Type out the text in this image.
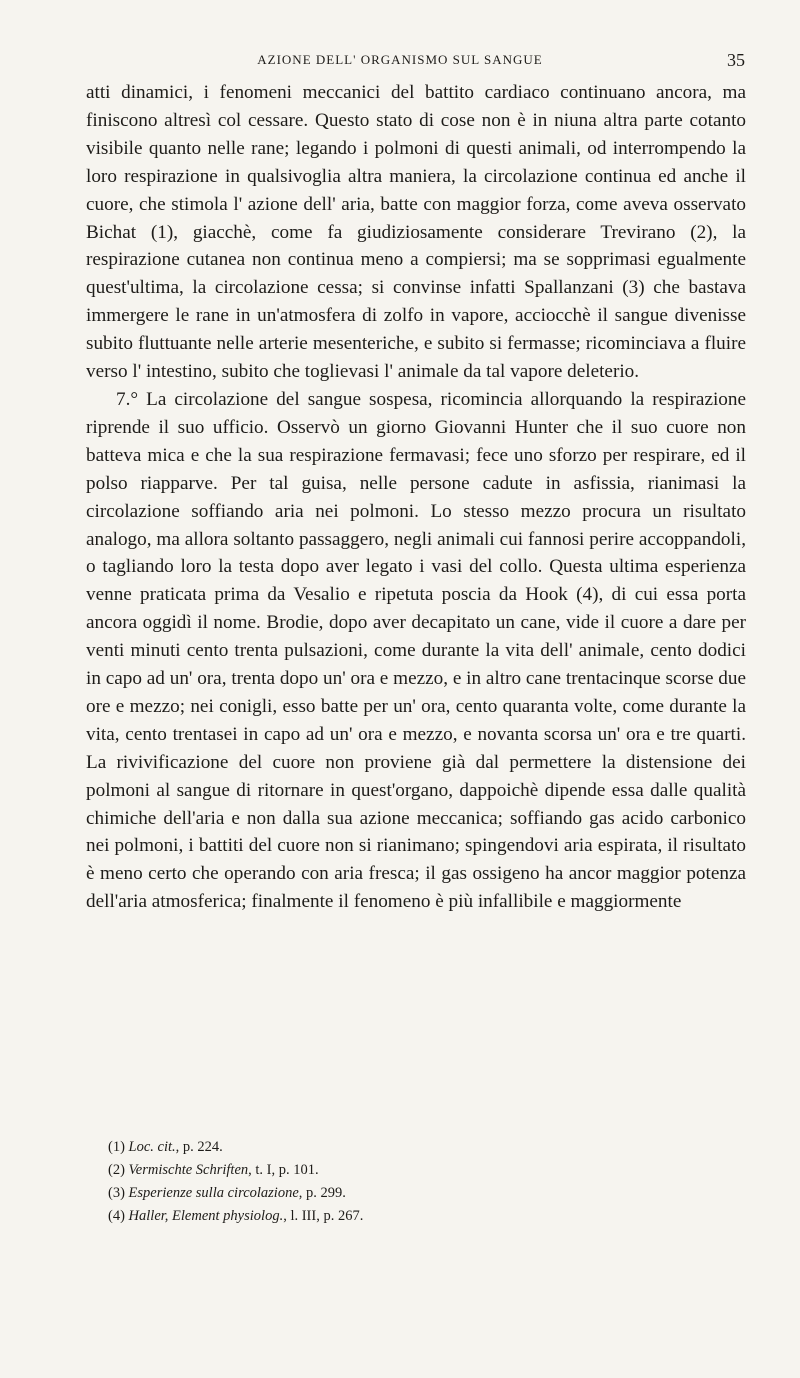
AZIONE DELL' ORGANISMO SUL SANGUE	35

atti dinamici, i fenomeni meccanici del battito cardiaco continuano ancora, ma finiscono altresì col cessare. Questo stato di cose non è in niuna altra parte cotanto visibile quanto nelle rane; legando i polmoni di questi animali, od interrompendo la loro respirazione in qualsivoglia altra maniera, la circolazione continua ed anche il cuore, che stimola l' azione dell' aria, batte con maggior forza, come aveva osservato Bichat (1), giacchè, come fa giudiziosamente considerare Trevirano (2), la respirazione cutanea non continua meno a compiersi; ma se sopprimasi egualmente quest'ultima, la circolazione cessa; si convinse infatti Spallanzani (3) che bastava immergere le rane in un'atmosfera di zolfo in vapore, acciocchè il sangue divenisse subito fluttuante nelle arterie mesenteriche, e subito si fermasse; ricominciava a fluire verso l' intestino, subito che toglievasi l' animale da tal vapore deleterio.

7.° La circolazione del sangue sospesa, ricomincia allorquando la respirazione riprende il suo ufficio. Osservò un giorno Giovanni Hunter che il suo cuore non batteva mica e che la sua respirazione fermavasi; fece uno sforzo per respirare, ed il polso riapparve. Per tal guisa, nelle persone cadute in asfissia, rianimasi la circolazione soffiando aria nei polmoni. Lo stesso mezzo procura un risultato analogo, ma allora soltanto passaggero, negli animali cui fannosi perire accoppandoli, o tagliando loro la testa dopo aver legato i vasi del collo. Questa ultima esperienza venne praticata prima da Vesalio e ripetuta poscia da Hook (4), di cui essa porta ancora oggidì il nome. Brodie, dopo aver decapitato un cane, vide il cuore a dare per venti minuti cento trenta pulsazioni, come durante la vita dell' animale, cento dodici in capo ad un' ora, trenta dopo un' ora e mezzo, e in altro cane trentacinque scorse due ore e mezzo; nei conigli, esso batte per un' ora, cento quaranta volte, come durante la vita, cento trentasei in capo ad un' ora e mezzo, e novanta scorsa un' ora e tre quarti. La rivivificazione del cuore non proviene già dal permettere la distensione dei polmoni al sangue di ritornare in quest'organo, dappoichè dipende essa dalle qualità chimiche dell'aria e non dalla sua azione meccanica; soffiando gas acido carbonico nei polmoni, i battiti del cuore non si rianimano; spingendovi aria espirata, il risultato è meno certo che operando con aria fresca; il gas ossigeno ha ancor maggior potenza dell'aria atmosferica; finalmente il fenomeno è più infallibile e maggiormente

(1) Loc. cit., p. 224.
(2) Vermischte Schriften, t. I, p. 101.
(3) Esperienze sulla circolazione, p. 299.
(4) Haller, Element physiolog., l. III, p. 267.
